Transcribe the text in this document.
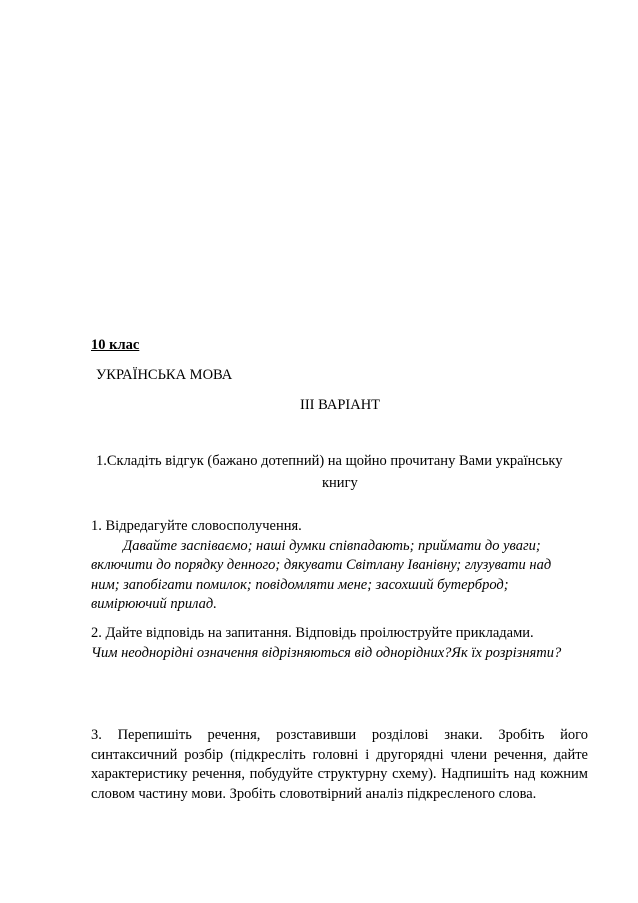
10 клас
УКРАЇНСЬКА МОВА
ІІІ ВАРІАНТ
1.Складіть відгук (бажано дотепний) на щойно прочитану Вами українську
книгу
1. Відредагуйте словосполучення.
Давайте заспіваємо; наші думки співпадають; приймати до уваги;
включити до порядку денного; дякувати Світлану Іванівну; глузувати над
ним; запобігати помилок; повідомляти мене; засохший бутерброд;
вимірюючий прилад.
2. Дайте відповідь на запитання. Відповідь проілюструйте прикладами.
Чим неоднорідні означення відрізняються від однорідних?Як їх розрізняти?
3. Перепишіть речення, розставивши розділові знаки. Зробіть його синтаксичний розбір (підкресліть головні і другорядні члени речення, дайте характеристику речення, побудуйте структурну схему). Надпишіть над кожним словом частину мови. Зробіть словотвірний аналіз підкресленого слова.
